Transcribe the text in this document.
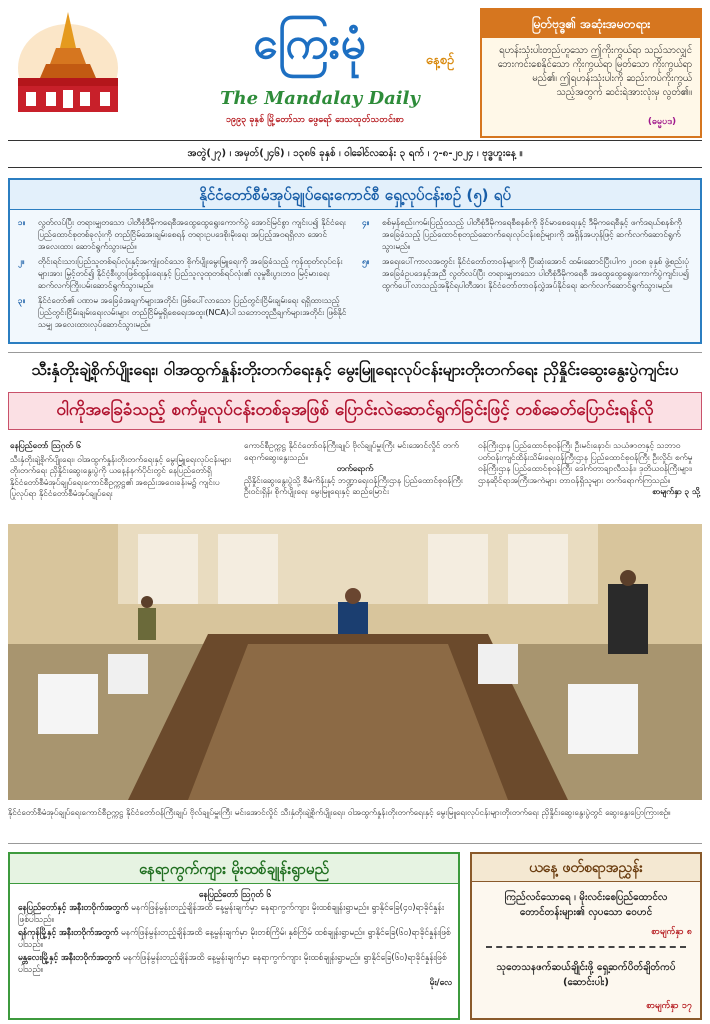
ကြေးမုံ	နေ့စဉ်
The Mandalay Daily
၁၉၉၃ ခုနှစ် မြို့တော်သာ ဖွေရော် ဒေသထုတ်သတင်းစာ
မြတ်ဗုဒ္ဓ၏ အဆုံးအမတရား
ရဟန်းသုံးပါးတည်ဟူသော ဤကိုးကွယ်ရာ သည်သာလျှင် ဘေးကင်းစေနိုင်သော ကိုးကွယ်ရာ မြတ်သော ကိုးကွယ်ရာမည်၏၊ ဤရဟန်းသုံးပါးကို ဆည်းကပ်ကိုးကွယ်သည့်အတွက် ဆင်းရဲအားလုံးမှ လွတ်၏။
(ဓမ္မပဒ)
အတွဲ(၂၇) ၊ အမှတ်(၂၄၆) ၊ ၁၃၈၆ ခုနှစ် ၊ ဝါခေါင်လဆန်း ၃ ရက် ၊ ၇-၈-၂၀၂၄ ၊ ဗုဒ္ဓဟူးနေ့ ။
နိုင်ငံတော်စီမံအုပ်ချုပ်ရေးကောင်စီ ရှေ့လုပ်ငန်းစဉ် (၅) ရပ်
၁။	လွတ်လပ်ပြီး တရားမျှတသော ပါတီစုံဒီမိုကရေစီအထွေထွေရွေးကောက်ပွဲ အောင်မြင်စွာ ကျင်းပ၍ နိုင်ငံရေး ပြည်ထောင်စုတစ်ခုလုံးကို တည်ငြိမ်အေးချမ်းစေရန် တရားဥပဒေစိုးမိုးရေး အပြည့်အဝရရှိလာ အောင် အလေးထား ဆောင်ရွက်သွားမည်။
၂။	တိုင်းရင်းသားပြည်သူတစ်ရပ်လုံးနှင့်အကျုံးဝင်သော စိုက်ပျိုးမွေးမြူရေးကို အခြေခံသည့် ကုန်ထုတ်လုပ်ငန်းများအား မြှင့်တင်၍ နိုင်ငံ့စီးပွားဖြစ်ထွန်းရေးနှင့် ပြည်သူလူထုတစ်ရပ်လုံး၏ လူမှုစီးပွားဘဝ မြင့်မားရေး ဆက်လက်ကြိုးပမ်းဆောင်ရွက်သွားမည်။
၃။	နိုင်ငံတော်၏ ပဏာမ အခြေခံအချက်များအတိုင်း ဖြစ်ပေါ်လာသော ပြည်တွင်းငြိမ်းချမ်းရေး ရရှိထားသည့် ပြည်တွင်းငြိမ်းချမ်းရေးလမ်းများ တည်ငြိမ်မှုရှိစေရေးအထူး(NCA)ပါ သဘောတူညီချက်များအတိုင်း ဖြစ်နိုင်သမျှ အလေးထားလုပ်ဆောင်သွားမည်။
၄။	စစ်မှန်စည်းကမ်းပြည့်ဝသည့် ပါတီစုံဒီမိုကရေစီစနစ်ကို ခိုင်မာစေရေးနှင့် ဒီမိုကရေစီနှင့် ဖက်ဒရယ်စနစ်ကို အခြေခံသည့် ပြည်ထောင်စုတည်ဆောက်ရေးလုပ်ငန်းစဉ်များကို အရှိန်အဟုန်ဖြင့် ဆက်လက်ဆောင်ရွက်သွားမည်။
၅။	အရေးပေါ်ကာလအတွင်း နိုင်ငံတော်တာဝန်များကို ပြီးဆုံးအောင် ထမ်းဆောင်ပြီးပါက ၂၀၀၈ ခုနှစ် ဖွဲ့စည်းပုံအခြေခံဥပဒေနှင့်အညီ လွတ်လပ်ပြီး တရားမျှတသော ပါတီစုံဒီမိုကရေစီ အထွေထွေရွေးကောက်ပွဲကျင်းပ၍ ထွက်ပေါ်လာသည့်အနိုင်ရပါတီအား နိုင်ငံတော်တာဝန်လွှဲအပ်နိုင်ရေး ဆက်လက်ဆောင်ရွက်သွားမည်။
သီးနှံတိုးချဲ့စိုက်ပျိုးရေး၊ ဝါအထွက်နှုန်းတိုးတက်ရေးနှင့် မွေးမြူရေးလုပ်ငန်းများတိုးတက်ရေး ညှိနှိုင်းဆွေးနွေးပွဲကျင်းပ
ဝါကိုအခြေခံသည့် စက်မှုလုပ်ငန်းတစ်ခုအဖြစ် ပြောင်းလဲဆောင်ရွက်ခြင်းဖြင့် တစ်ခေတ်ပြောင်းရန်လို
နေပြည်တော် ဩဂုတ် ၆
သီးနှံတိုးချဲ့စိုက်ပျိုးရေး၊ ဝါအထွက်နှုန်းတိုးတက်ရေးနှင့် မွေးမြူရေးလုပ်ငန်းများတိုးတက်ရေး ညှိနှိုင်းဆွေးနွေးပွဲကို ယနေ့နံနက်ပိုင်းတွင် နေပြည်တော်ရှိ နိုင်ငံတော်စီမံအုပ်ချုပ်ရေးကောင်စီဥက္ကဋ္ဌ၏ အစည်းအဝေးခန်းမ၌ ကျင်းပပြုလုပ်ရာ နိုင်ငံတော်စီမံအုပ်ချုပ်ရေး
ကောင်စီဥက္ကဋ္ဌ နိုင်ငံတော်ဝန်ကြီးချုပ် ဗိုလ်ချုပ်မှူးကြီး မင်းအောင်လှိုင် တက်ရောက်ဆွေးနွေးသည်။
တက်ရောက်
ညှိနှိုင်းဆွေးနွေးပွဲသို့ စီမံကိန်းနှင့် ဘဏ္ဍာရေးဝန်ကြီးဌာန ပြည်ထောင်စုဝန်ကြီး ဦးဝင်းရှိန်၊ စိုက်ပျိုးရေး မွေးမြူရေးနှင့် ဆည်မြောင်း
ဝန်ကြီးဌာန ပြည်ထောင်စုဝန်ကြီး ဦးမင်းနောင်၊ သယံဇာတနှင့် သဘာဝပတ်ဝန်းကျင်ထိန်းသိမ်းရေးဝန်ကြီးဌာန ပြည်ထောင်စုဝန်ကြီး ဦးလှိုင်၊ စက်မှုဝန်ကြီးဌာန ပြည်ထောင်စုဝန်ကြီး ဒေါက်တာချာလီသန်း၊ ဒုတိယဝန်ကြီးများ၊ ဌာနဆိုင်ရာအကြီးအကဲများ တာဝန်ရှိသူများ တက်ရောက်ကြသည်။
စာမျက်နှာ ၃ သို့
နိုင်ငံတော်စီမံအုပ်ချုပ်ရေးကောင်စီဥက္ကဋ္ဌ နိုင်ငံတော်ဝန်ကြီးချုပ် ဗိုလ်ချုပ်မှူးကြီး မင်းအောင်လှိုင် သီးနှံတိုးချဲ့စိုက်ပျိုးရေး၊ ဝါအထွက်နှုန်းတိုးတက်ရေးနှင့် မွေးမြူရေးလုပ်ငန်းများတိုးတက်ရေး ညှိနှိုင်းဆွေးနွေးပွဲတွင် ဆွေးနွေးပြောကြားစဉ်။
နေရာကွက်ကျား မိုးထစ်ချုန်းရွာမည်
နေပြည်တော် ဩဂုတ် ၆
နေပြည်တော်နှင့် အနီးတဝိုက်အတွက် မနက်ဖြန်မွန်းတည့်ချိန်အထိ နေ့မွန်းချက်မှာ နေရာကွက်ကျား မိုးထစ်ချုန်းရွာမည်။ ရွာနိုင်ခြေ(၄၀)ရာခိုင်နှုန်းဖြစ်ပါသည်။
ရန်ကုန်မြို့နှင့် အနီးတဝိုက်အတွက် မနက်ဖြန်မွန်းတည့်ချိန်အထိ နေ့မွန်းချက်မှာ မိုးတစ်ကြိမ်၊ နှစ်ကြိမ် ထစ်ချုန်းရွာမည်။ ရွာနိုင်ခြေ(၆၀)ရာခိုင်နှုန်းဖြစ်ပါသည်။
မန္တလေးမြို့နှင့် အနီးတဝိုက်အတွက် မနက်ဖြန်မွန်းတည့်ချိန်အထိ နေ့မွန်းချက်မှာ နေရာကွက်ကျား မိုးထစ်ချုန်းရွာမည်။ ရွာနိုင်ခြေ(၆၀)ရာခိုင်နှုန်းဖြစ်ပါသည်။
မိုး/လေ
ယနေ့ ဖတ်စရာအညွှန်း
ကြည်လင်သောရေ ၊ မိုးလင်းစေပြည်ထောင်လ တောင်တန်းများ၏ လှပသော ဝေဟင်
စာမျက်နှာ ၈
သုတေသနဖက်ဆယ်ချိုင်းဖို့ ရှေ့ဆက်ပိတ်ချိတ်ကပ် (ဆောင်းပါး)
စာမျက်နှာ ၁၇
